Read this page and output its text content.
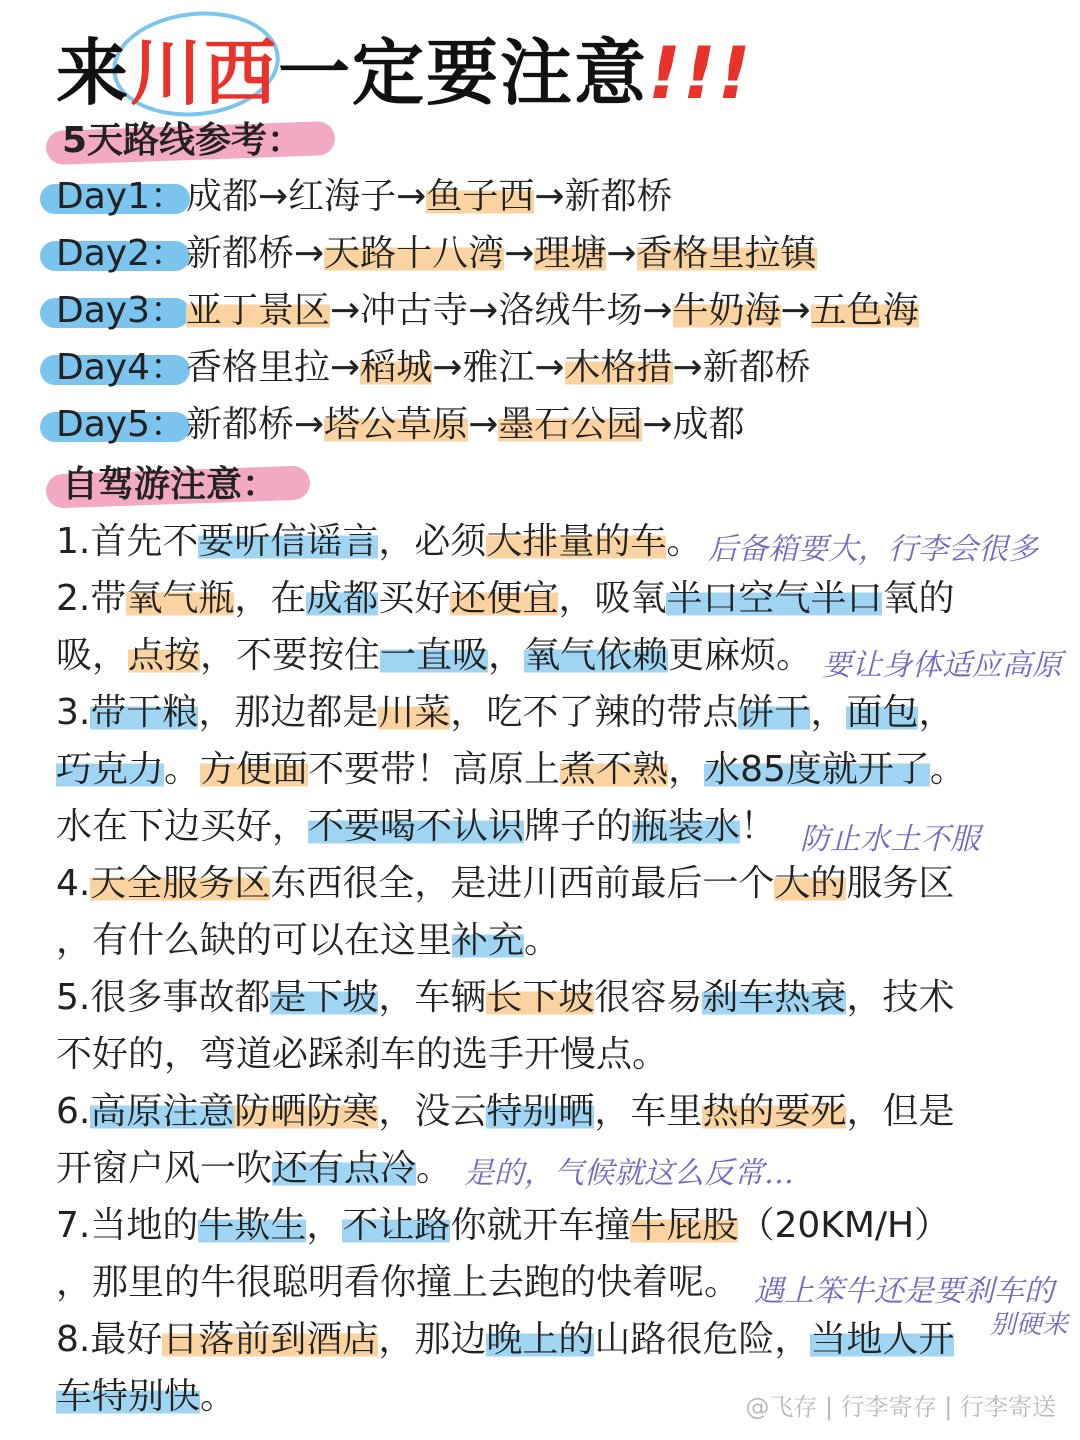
来川西一定要注意!!!
5天路线参考：
Day1：成都→红海子→鱼子西→新都桥
Day2：新都桥→天路十八湾→理塘→香格里拉镇
Day3：亚丁景区→冲古寺→洛绒牛场→牛奶海→五色海
Day4：香格里拉→稻城→雅江→木格措→新都桥
Day5：新都桥→塔公草原→墨石公园→成都
自驾游注意：
1.首先不要听信谣言，必须大排量的车。
2.带氧气瓶，在成都买好还便宜，吸氧半口空气半口氧的
吸，点按，不要按住一直吸，氧气依赖更麻烦。
3.带干粮，那边都是川菜，吃不了辣的带点饼干，面包，
巧克力。方便面不要带！高原上煮不熟，水85度就开了。
水在下边买好，不要喝不认识牌子的瓶装水！
4.天全服务区东西很全，是进川西前最后一个大的服务区
，有什么缺的可以在这里补充。
5.很多事故都是下坡，车辆长下坡很容易刹车热衰，技术
不好的，弯道必踩刹车的选手开慢点。
6.高原注意防晒防寒，没云特别晒，车里热的要死，但是
开窗户风一吹还有点冷。
7.当地的牛欺生，不让路你就开车撞牛屁股（20KM/H）
，那里的牛很聪明看你撞上去跑的快着呢。
8.最好日落前到酒店，那边晚上的山路很危险，当地人开
车特别快。
后备箱要大，行李会很多
要让身体适应高原
防止水土不服
是的，气候就这么反常…
遇上笨牛还是要刹车的
别硬来
@飞存 | 行李寄存 | 行李寄送
